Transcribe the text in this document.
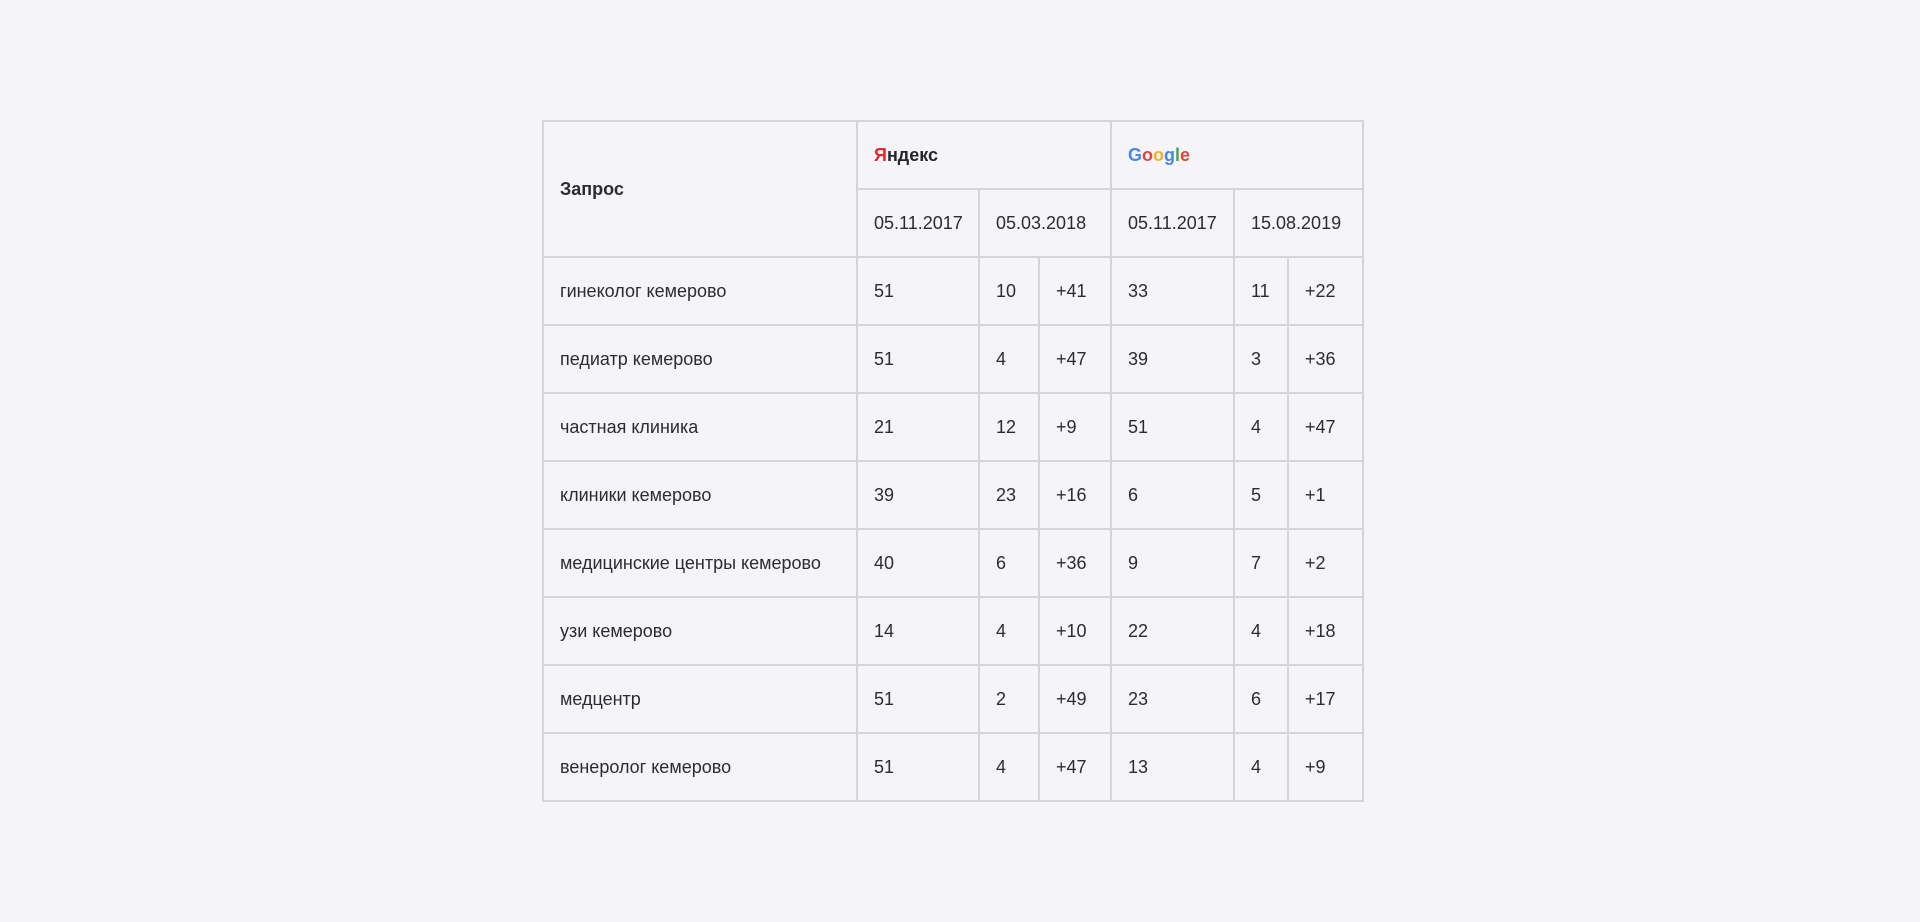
Запрос	Яндекс			Google		
	05.11.2017	05.03.2018		05.11.2017	15.08.2019	
гинеколог кемерово	51	10	+41	33	11	+22
педиатр кемерово	51	4	+47	39	3	+36
частная клиника	21	12	+9	51	4	+47
клиники кемерово	39	23	+16	6	5	+1
медицинские центры кемерово	40	6	+36	9	7	+2
узи кемерово	14	4	+10	22	4	+18
медцентр	51	2	+49	23	6	+17
венеролог кемерово	51	4	+47	13	4	+9
